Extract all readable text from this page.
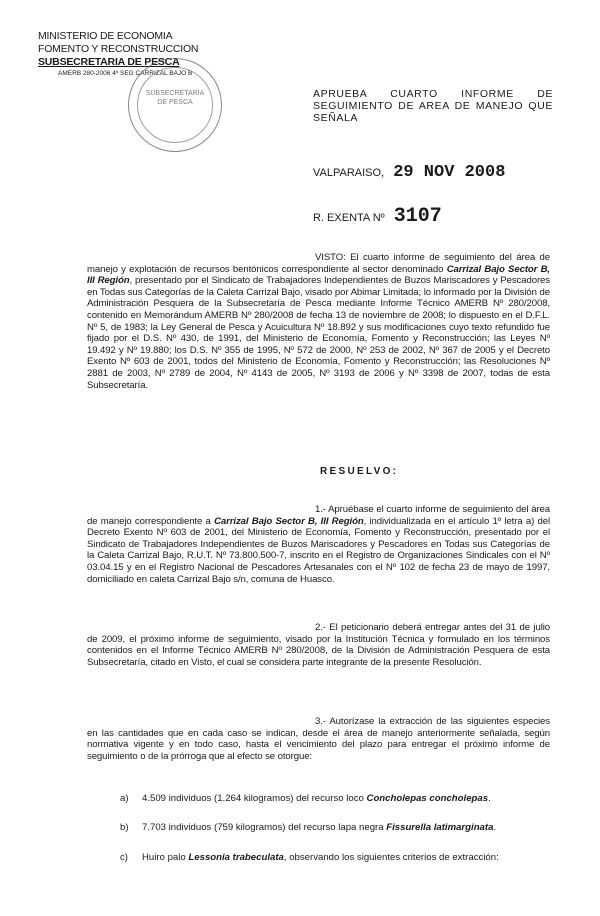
MINISTERIO DE ECONOMIA
FOMENTO Y RECONSTRUCCION
SUBSECRETARIA DE PESCA
AMERB 280-2006 4º SEG CARRIZAL BAJO B
SUBSECRETARIA
DE PESCA
APRUEBA CUARTO INFORME DE SEGUIMIENTO DE AREA DE MANEJO QUE SEÑALA
VALPARAISO, 29 NOV 2008
R. EXENTA Nº 3107
VISTO: El cuarto informe de seguimiento del área de manejo y explotación de recursos bentónicos correspondiente al sector denominado Carrizal Bajo Sector B, III Región, presentado por el Sindicato de Trabajadores Independientes de Buzos Mariscadores y Pescadores en Todas sus Categorías de la Caleta Carrizal Bajo, visado por Abimar Limitada; lo informado por la División de Administración Pesquera de la Subsecretaría de Pesca mediante Informe Técnico AMERB Nº 280/2008, contenido en Memorándum AMERB Nº 280/2008 de fecha 13 de noviembre de 2008; lo dispuesto en el D.F.L. Nº 5, de 1983; la Ley General de Pesca y Acuicultura Nº 18.892 y sus modificaciones cuyo texto refundido fue fijado por el D.S. Nº 430, de 1991, del Ministerio de Economía, Fomento y Reconstrucción; las Leyes Nº 19.492 y Nº 19.880; los D.S. Nº 355 de 1995, Nº 572 de 2000, Nº 253 de 2002, Nº 367 de 2005 y el Decreto Exento Nº 603 de 2001, todos del Ministerio de Economía, Fomento y Reconstrucción; las Resoluciones Nº 2881 de 2003, Nº 2789 de 2004, Nº 4143 de 2005, Nº 3193 de 2006 y Nº 3398 de 2007, todas de esta Subsecretaría.
RESUELVO:
1.- Apruébase el cuarto informe de seguimiento del área de manejo correspondiente a Carrizal Bajo Sector B, III Región, individualizada en el artículo 1º letra a) del Decreto Exento Nº 603 de 2001, del Ministerio de Economía, Fomento y Reconstrucción, presentado por el Sindicato de Trabajadores Independientes de Buzos Mariscadores y Pescadores en Todas sus Categorías de la Caleta Carrizal Bajo, R.U.T. Nº 73.800.500-7, inscrito en el Registro de Organizaciones Sindicales con el Nº 03.04.15 y en el Registro Nacional de Pescadores Artesanales con el Nº 102 de fecha 23 de mayo de 1997, domiciliado en caleta Carrizal Bajo s/n, comuna de Huasco.
2.- El peticionario deberá entregar antes del 31 de julio de 2009, el próximo informe de seguimiento, visado por la Institución Técnica y formulado en los términos contenidos en el Informe Técnico AMERB Nº 280/2008, de la División de Administración Pesquera de esta Subsecretaría, citado en Visto, el cual se considera parte integrante de la presente Resolución.
3.- Autorízase la extracción de las siguientes especies en las cantidades que en cada caso se indican, desde el área de manejo anteriormente señalada, según normativa vigente y en todo caso, hasta el vencimiento del plazo para entregar el próximo informe de seguimiento o de la prórroga que al efecto se otorgue:
a) 4.509 individuos (1.264 kilogramos) del recurso loco Concholepas concholepas.
b) 7.703 individuos (759 kilogramos) del recurso lapa negra Fissurella latimarginata.
c) Huiro palo Lessonia trabeculata, observando los siguientes criterios de extracción:
